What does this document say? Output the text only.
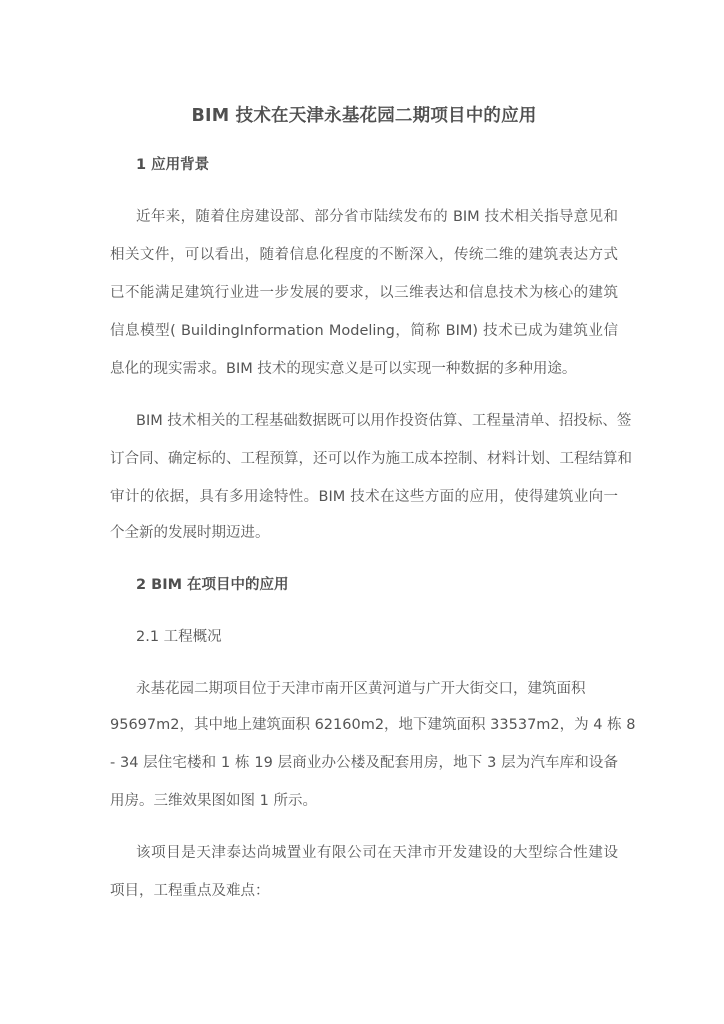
BIM 技术在天津永基花园二期项目中的应用
1 应用背景
近年来，随着住房建设部、部分省市陆续发布的 BIM 技术相关指导意见和
相关文件，可以看出，随着信息化程度的不断深入，传统二维的建筑表达方式
已不能满足建筑行业进一步发展的要求，以三维表达和信息技术为核心的建筑
信息模型( BuildingInformation Modeling，简称 BIM) 技术已成为建筑业信
息化的现实需求。BIM 技术的现实意义是可以实现一种数据的多种用途。
BIM 技术相关的工程基础数据既可以用作投资估算、工程量清单、招投标、签
订合同、确定标的、工程预算，还可以作为施工成本控制、材料计划、工程结算和
审计的依据，具有多用途特性。BIM 技术在这些方面的应用，使得建筑业向一
个全新的发展时期迈进。
2 BIM 在项目中的应用
2.1 工程概况
永基花园二期项目位于天津市南开区黄河道与广开大街交口，建筑面积
95697m2，其中地上建筑面积 62160m2，地下建筑面积 33537m2，为 4 栋 8
- 34 层住宅楼和 1 栋 19 层商业办公楼及配套用房，地下 3 层为汽车库和设备
用房。三维效果图如图 1 所示。
该项目是天津泰达尚城置业有限公司在天津市开发建设的大型综合性建设
项目，工程重点及难点：
